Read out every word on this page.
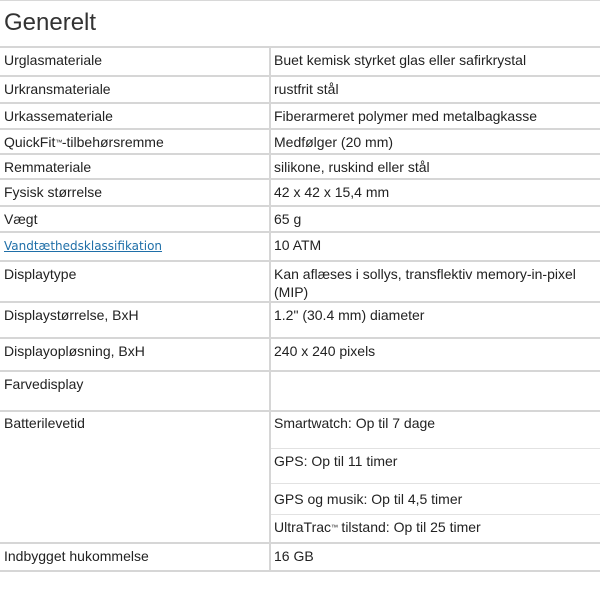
Generelt
Urglasmateriale	Buet kemisk styrket glas eller safirkrystal

Urkransmateriale	rustfrit stål

Urkassemateriale	Fiberarmeret polymer med metalbagkasse

QuickFit™-tilbehørsremme	Medfølger (20 mm)

Remmateriale	silikone, ruskind eller stål

Fysisk størrelse	42 x 42 x 15,4 mm

Vægt	65 g

Vandtæthedsklassifikation	10 ATM

Displaytype	Kan aflæses i sollys, transflektiv memory-in-pixel (MIP)

Displaystørrelse, BxH	1.2" (30.4 mm) diameter

Displayopløsning, BxH	240 x 240 pixels

Farvedisplay	

Batterilevetid	Smartwatch: Op til 7 dage
GPS: Op til 11 timer
GPS og musik: Op til 4,5 timer
UltraTrac™ tilstand: Op til 25 timer

Indbygget hukommelse	16 GB
